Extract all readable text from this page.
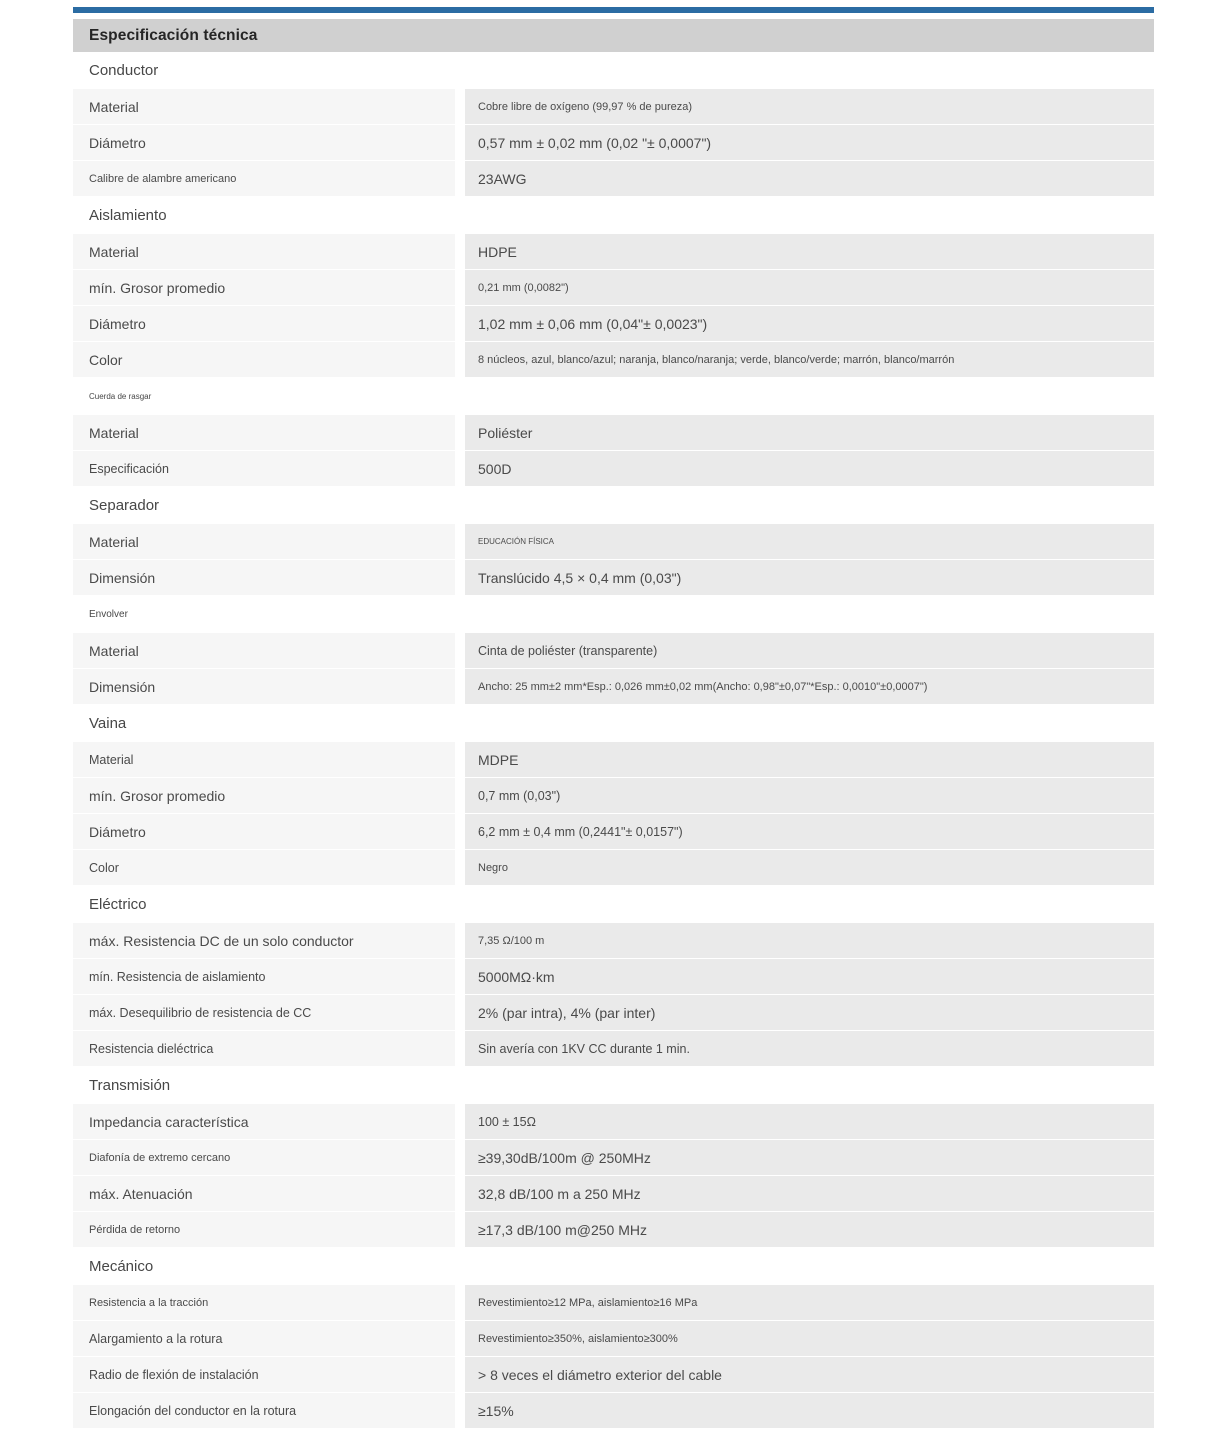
Especificación técnica
Conductor
Material	Cobre libre de oxígeno (99,97 % de pureza)
Diámetro	0,57 mm ± 0,02 mm (0,02 "± 0,0007")
Calibre de alambre americano	23AWG
Aislamiento
Material	HDPE
mín. Grosor promedio	0,21 mm (0,0082")
Diámetro	1,02 mm ± 0,06 mm (0,04"± 0,0023")
Color	8 núcleos, azul, blanco/azul; naranja, blanco/naranja; verde, blanco/verde; marrón, blanco/marrón
Cuerda de rasgar
Material	Poliéster
Especificación	500D
Separador
Material	EDUCACIÓN FÍSICA
Dimensión	Translúcido 4,5 × 0,4 mm (0,03")
Envolver
Material	Cinta de poliéster (transparente)
Dimensión	Ancho: 25 mm±2 mm*Esp.: 0,026 mm±0,02 mm(Ancho: 0,98"±0,07"*Esp.: 0,0010"±0,0007")
Vaina
Material	MDPE
mín. Grosor promedio	0,7 mm (0,03")
Diámetro	6,2 mm ± 0,4 mm (0,2441"± 0,0157")
Color	Negro
Eléctrico
máx. Resistencia DC de un solo conductor	7,35 Ω/100 m
mín. Resistencia de aislamiento	5000MΩ·km
máx. Desequilibrio de resistencia de CC	2% (par intra), 4% (par inter)
Resistencia dieléctrica	Sin avería con 1KV CC durante 1 min.
Transmisión
Impedancia característica	100 ± 15Ω
Diafonía de extremo cercano	≥39,30dB/100m @ 250MHz
máx. Atenuación	32,8 dB/100 m a 250 MHz
Pérdida de retorno	≥17,3 dB/100 m@250 MHz
Mecánico
Resistencia a la tracción	Revestimiento≥12 MPa, aislamiento≥16 MPa
Alargamiento a la rotura	Revestimiento≥350%, aislamiento≥300%
Radio de flexión de instalación	> 8 veces el diámetro exterior del cable
Elongación del conductor en la rotura	≥15%
